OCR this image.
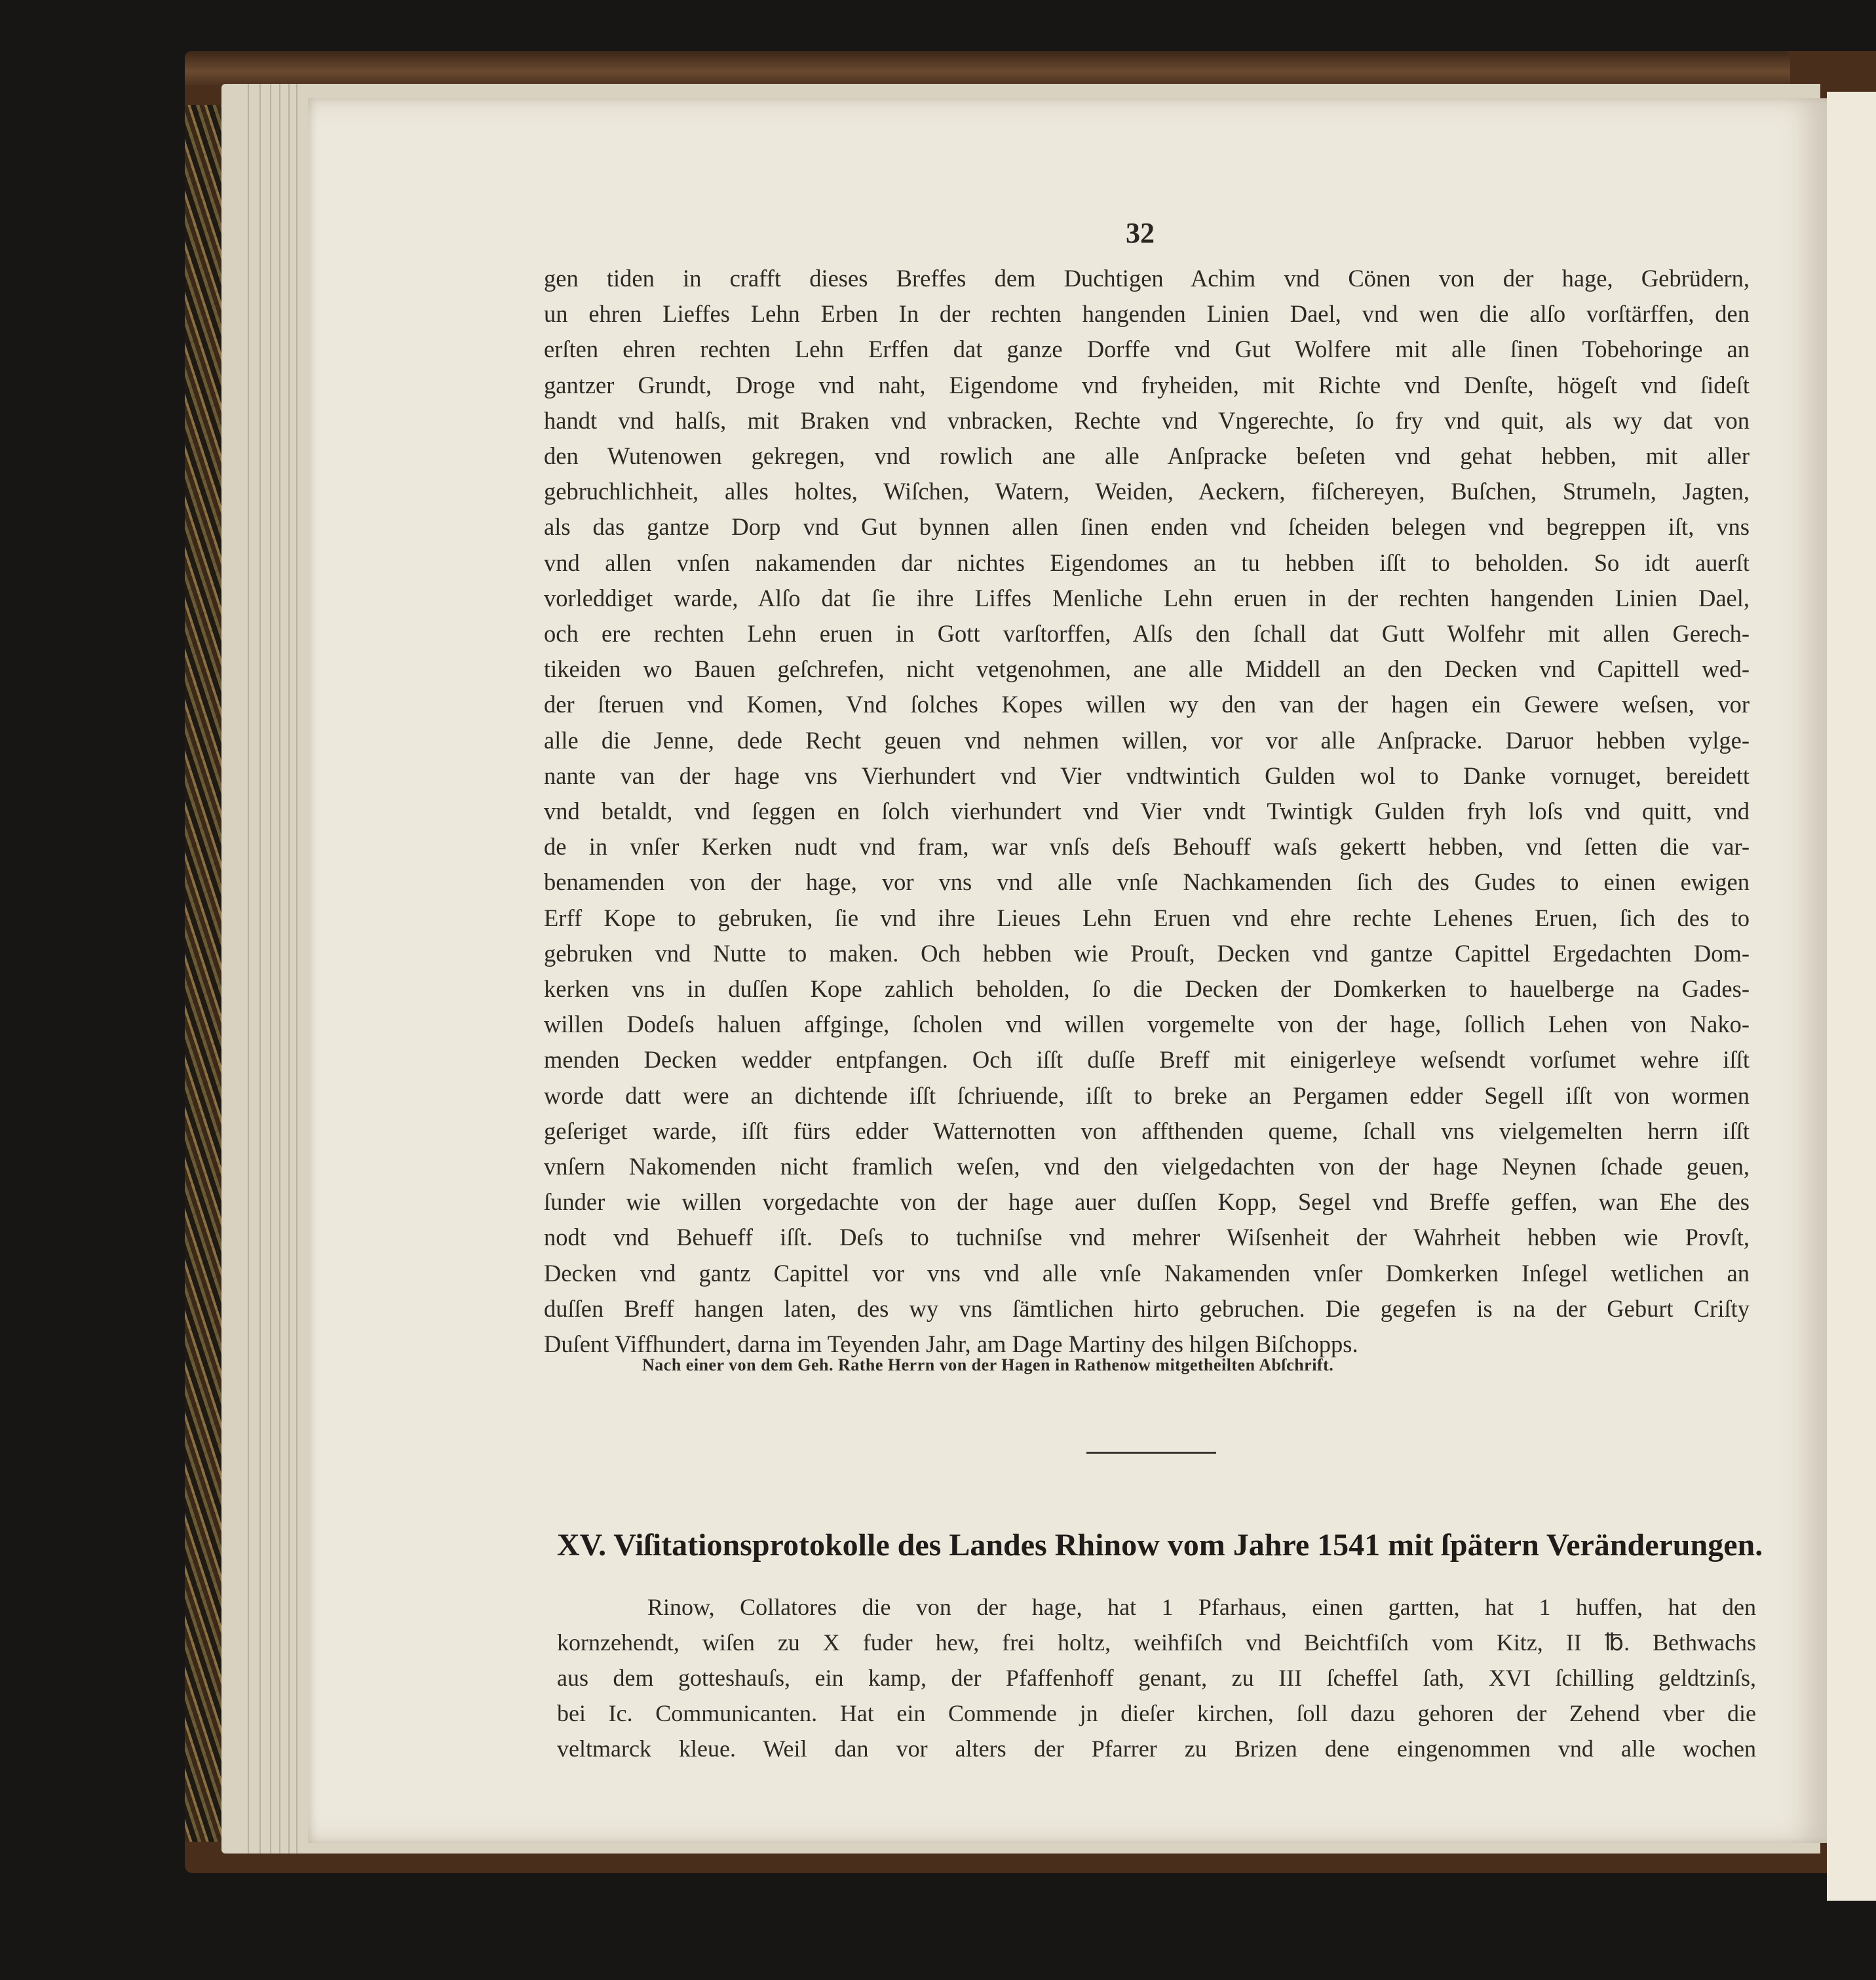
32
gen tiden in crafft dieses Breffes dem Duchtigen Achim vnd Cönen von der hage, Gebrüdern,
un ehren Lieffes Lehn Erben In der rechten hangenden Linien Dael, vnd wen die alſo vorſtärffen, den
erſten ehren rechten Lehn Erffen dat ganze Dorffe vnd Gut Wolfere mit alle ſinen Tobehoringe an
gantzer Grundt, Droge vnd naht, Eigendome vnd fryheiden, mit Richte vnd Denſte, högeſt vnd ſideſt
handt vnd halſs, mit Braken vnd vnbracken, Rechte vnd Vngerechte, ſo fry vnd quit, als wy dat von
den Wutenowen gekregen, vnd rowlich ane alle Anſpracke beſeten vnd gehat hebben, mit aller
gebruchlichheit, alles holtes, Wiſchen, Watern, Weiden, Aeckern, fiſchereyen, Buſchen, Strumeln, Jagten,
als das gantze Dorp vnd Gut bynnen allen ſinen enden vnd ſcheiden belegen vnd begreppen iſt, vns
vnd allen vnſen nakamenden dar nichtes Eigendomes an tu hebben iſſt to beholden. So idt auerſt
vorleddiget warde, Alſo dat ſie ihre Liffes Menliche Lehn eruen in der rechten hangenden Linien Dael,
och ere rechten Lehn eruen in Gott varſtorffen, Alſs den ſchall dat Gutt Wolfehr mit allen Gerech-
tikeiden wo Bauen geſchrefen, nicht vetgenohmen, ane alle Middell an den Decken vnd Capittell wed-
der ſteruen vnd Komen, Vnd ſolches Kopes willen wy den van der hagen ein Gewere weſsen, vor
alle die Jenne, dede Recht geuen vnd nehmen willen, vor vor alle Anſpracke. Daruor hebben vylge-
nante van der hage vns Vierhundert vnd Vier vndtwintich Gulden wol to Danke vornuget, bereidett
vnd betaldt, vnd ſeggen en ſolch vierhundert vnd Vier vndt Twintigk Gulden fryh loſs vnd quitt, vnd
de in vnſer Kerken nudt vnd fram, war vnſs deſs Behouff waſs gekertt hebben, vnd ſetten die var-
benamenden von der hage, vor vns vnd alle vnſe Nachkamenden ſich des Gudes to einen ewigen
Erff Kope to gebruken, ſie vnd ihre Lieues Lehn Eruen vnd ehre rechte Lehenes Eruen, ſich des to
gebruken vnd Nutte to maken. Och hebben wie Prouſt, Decken vnd gantze Capittel Ergedachten Dom-
kerken vns in duſſen Kope zahlich beholden, ſo die Decken der Domkerken to hauelberge na Gades-
willen Dodeſs haluen affginge, ſcholen vnd willen vorgemelte von der hage, ſollich Lehen von Nako-
menden Decken wedder entpfangen. Och iſſt duſſe Breff mit einigerleye weſsendt vorſumet wehre iſſt
worde datt were an dichtende iſſt ſchriuende, iſſt to breke an Pergamen edder Segell iſſt von wormen
geſeriget warde, iſſt fürs edder Watternotten von affthenden queme, ſchall vns vielgemelten herrn iſſt
vnſern Nakomenden nicht framlich weſen, vnd den vielgedachten von der hage Neynen ſchade geuen,
ſunder wie willen vorgedachte von der hage auer duſſen Kopp, Segel vnd Breffe geffen, wan Ehe des
nodt vnd Behueff iſſt. Deſs to tuchniſse vnd mehrer Wiſsenheit der Wahrheit hebben wie Provſt,
Decken vnd gantz Capittel vor vns vnd alle vnſe Nakamenden vnſer Domkerken Inſegel wetlichen an
duſſen Breff hangen laten, des wy vns ſämtlichen hirto gebruchen. Die gegefen is na der Geburt Criſty
Duſent Viffhundert, darna im Teyenden Jahr, am Dage Martiny des hilgen Biſchopps.
Nach einer von dem Geh. Rathe Herrn von der Hagen in Rathenow mitgetheilten Abſchrift.
XV. Viſitationsprotokolle des Landes Rhinow vom Jahre 1541 mit ſpätern Veränderungen.
Rinow, Collatores die von der hage, hat 1 Pfarhaus, einen gartten, hat 1 huffen, hat den
kornzehendt, wiſen zu X fuder hew, frei holtz, weihfiſch vnd Beichtfiſch vom Kitz, II ℔. Bethwachs
aus dem gotteshauſs, ein kamp, der Pfaffenhoff genant, zu III ſcheffel ſath, XVI ſchilling geldtzinſs,
bei Ic. Communicanten. Hat ein Commende jn dieſer kirchen, ſoll dazu gehoren der Zehend vber die
veltmarck kleue. Weil dan vor alters der Pfarrer zu Brizen dene eingenommen vnd alle wochen
